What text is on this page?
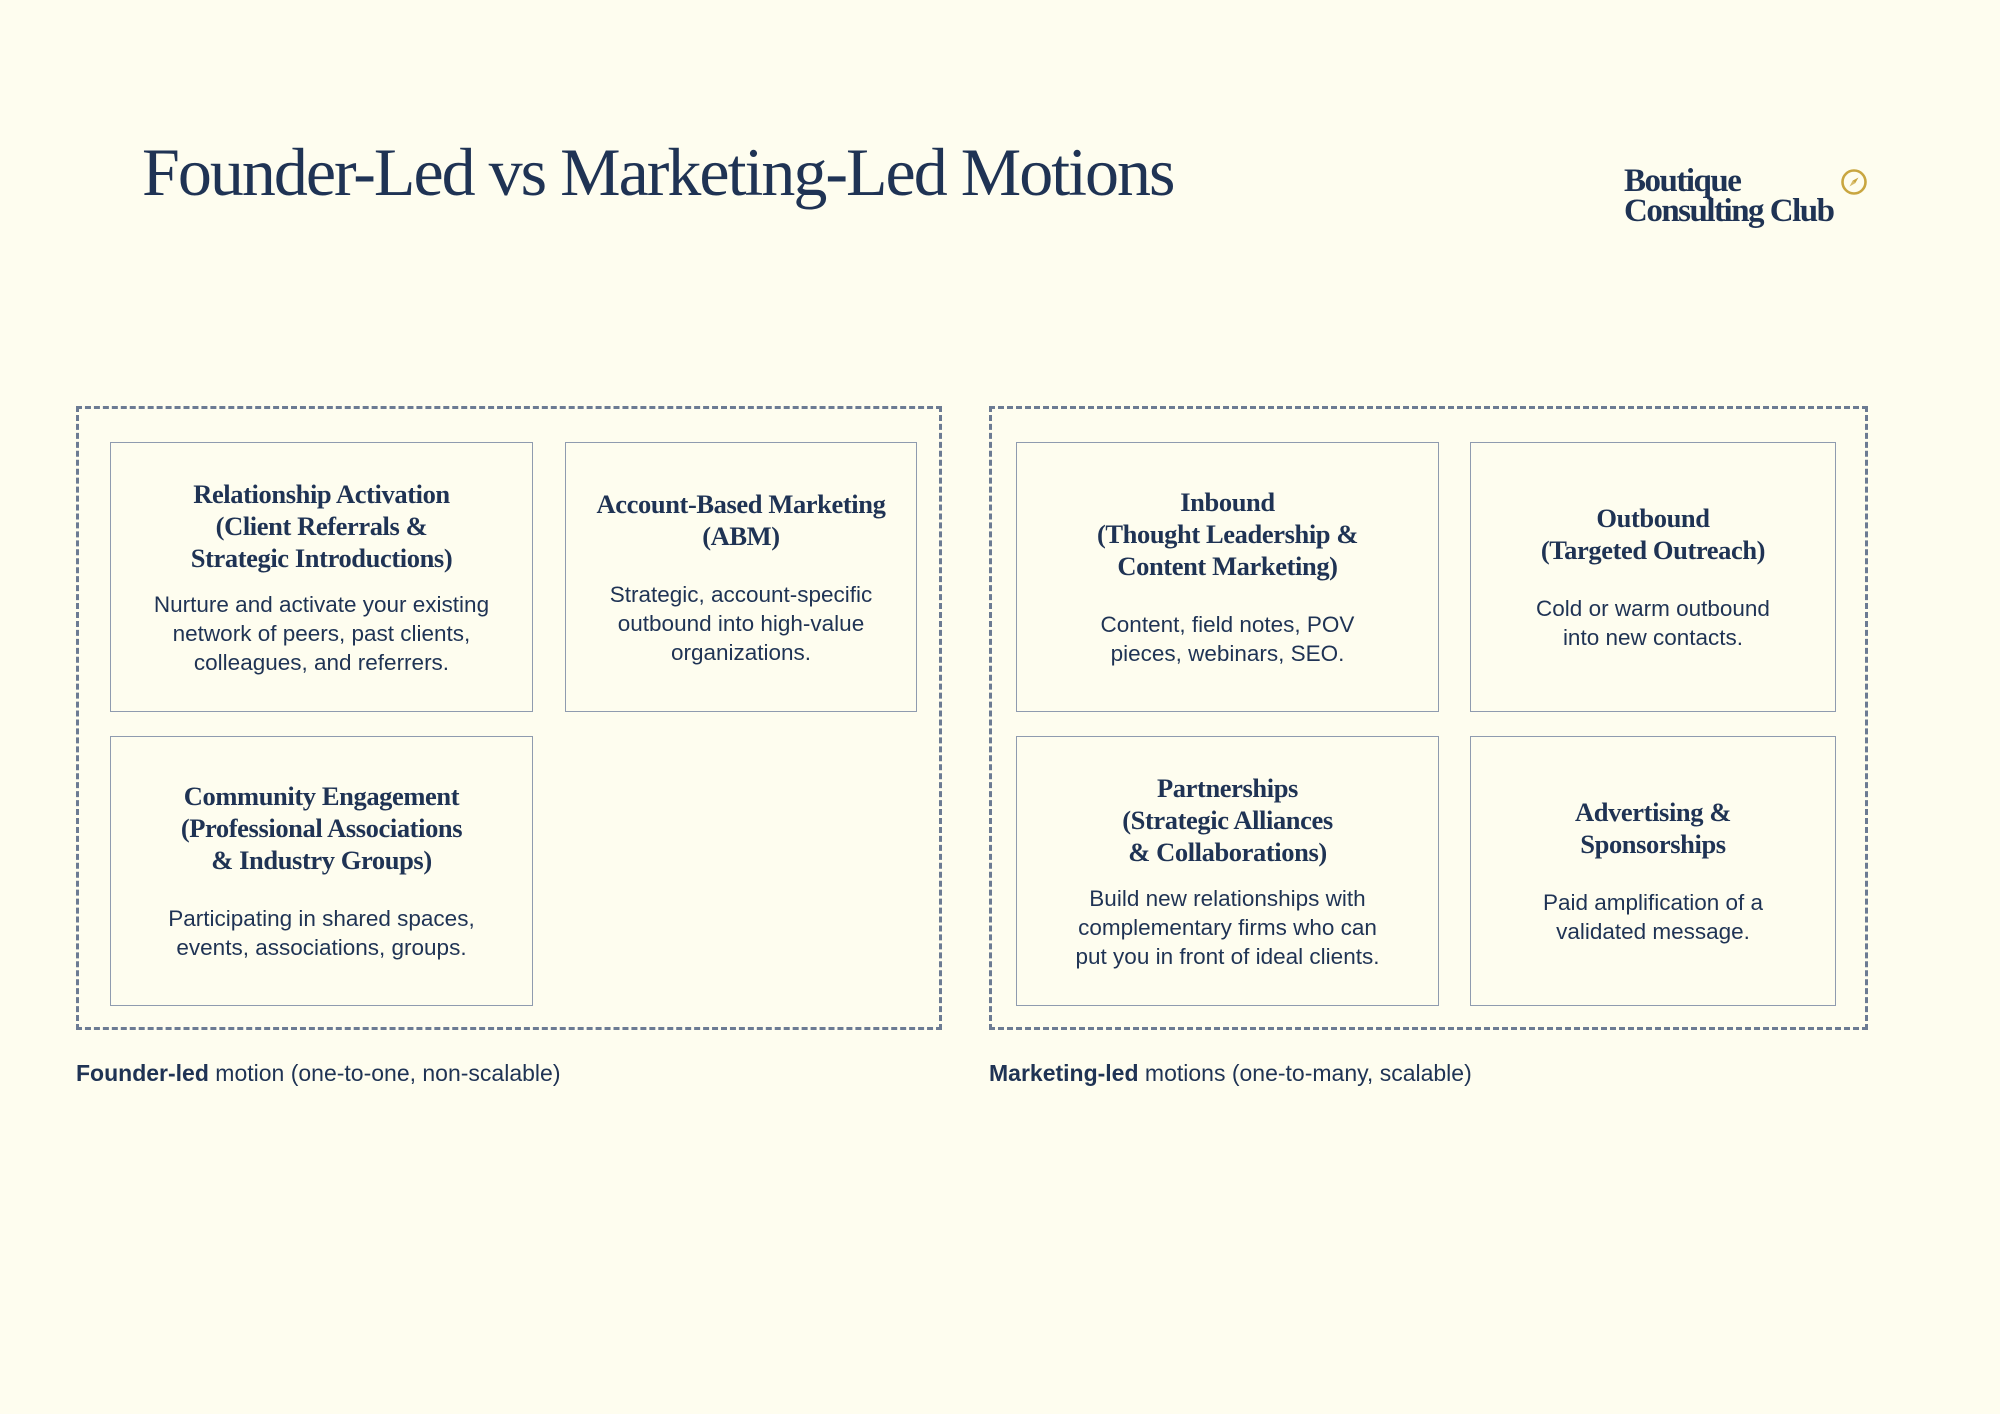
Founder-Led vs Marketing-Led Motions	Boutique
Consulting Club
Relationship Activation
(Client Referrals &
Strategic Introductions)
Nurture and activate your existing
network of peers, past clients,
colleagues, and referrers.
Account-Based Marketing
(ABM)
Strategic, account-specific
outbound into high-value
organizations.
Community Engagement
(Professional Associations
& Industry Groups)
Participating in shared spaces,
events, associations, groups.
Founder-led motion (one-to-one, non-scalable)
Inbound
(Thought Leadership &
Content Marketing)
Content, field notes, POV
pieces, webinars, SEO.
Outbound
(Targeted Outreach)
Cold or warm outbound
into new contacts.
Partnerships
(Strategic Alliances
& Collaborations)
Build new relationships with
complementary firms who can
put you in front of ideal clients.
Advertising &
Sponsorships
Paid amplification of a
validated message.
Marketing-led motions (one-to-many, scalable)
